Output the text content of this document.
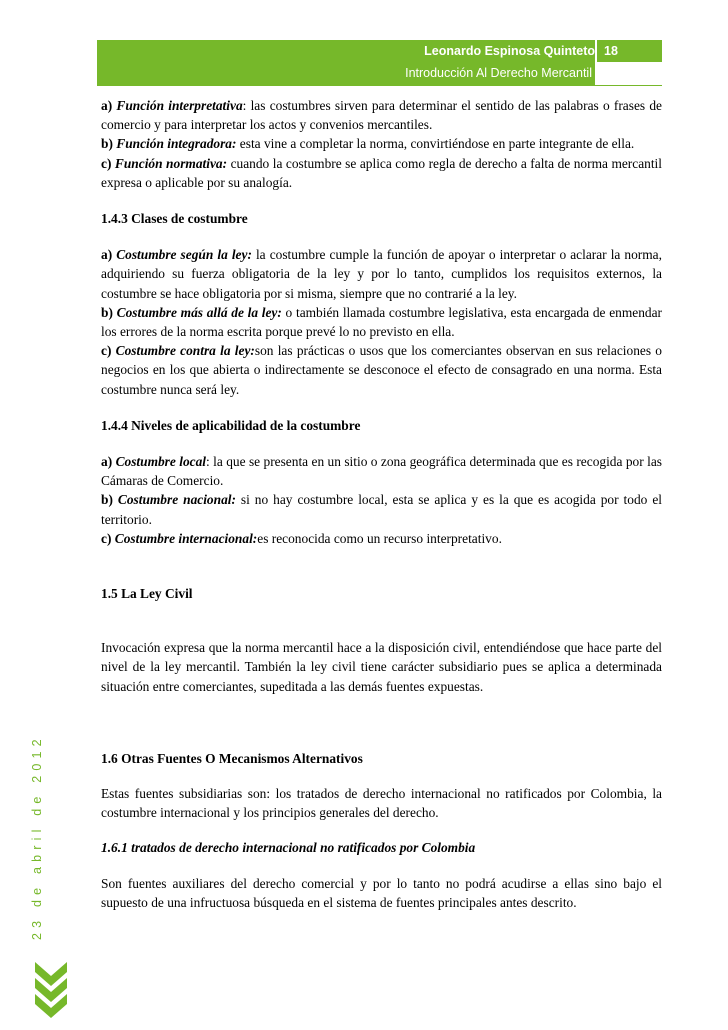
Leonardo Espinosa Quinteto 18
Introducción Al Derecho Mercantil
23 de abril de 2012

a) Función interpretativa: las costumbres sirven para determinar el sentido de las palabras o frases de comercio y para interpretar los actos y convenios mercantiles.

b) Función integradora: esta vine a completar la norma, convirtiéndose en parte integrante de ella.

c) Función normativa: cuando la costumbre se aplica como regla de derecho a falta de norma mercantil expresa o aplicable por su analogía.

1.4.3 Clases de costumbre

a) Costumbre según la ley: la costumbre cumple la función de apoyar o interpretar o aclarar la norma, adquiriendo su fuerza obligatoria de la ley y por lo tanto, cumplidos los requisitos externos, la costumbre se hace obligatoria por si misma, siempre que no contrarié a la ley.

b) Costumbre más allá de la ley: o también llamada costumbre legislativa, esta encargada de enmendar los errores de la norma escrita porque prevé lo no previsto en ella.

c) Costumbre contra la ley:son las prácticas o usos que los comerciantes observan en sus relaciones o negocios en los que abierta o indirectamente se desconoce el efecto de consagrado en una norma. Esta costumbre nunca será ley.

1.4.4 Niveles de aplicabilidad de la costumbre

a) Costumbre local: la que se presenta en un sitio o zona geográfica determinada que es recogida por las Cámaras de Comercio.

b) Costumbre nacional: si no hay costumbre local, esta se aplica y es la que es acogida por todo el territorio.

c) Costumbre internacional:es reconocida como un recurso interpretativo.

1.5 La Ley Civil

Invocación expresa que la norma mercantil hace a la disposición civil, entendiéndose que hace parte del nivel de la ley mercantil. También la ley civil tiene carácter subsidiario pues se aplica a determinada situación entre comerciantes, supeditada a las demás fuentes expuestas.

1.6 Otras Fuentes O Mecanismos Alternativos

Estas fuentes subsidiarias son: los tratados de derecho internacional no ratificados por Colombia, la costumbre internacional y los principios generales del derecho.

1.6.1 tratados de derecho internacional no ratificados por Colombia

Son fuentes auxiliares del derecho comercial y por lo tanto no podrá acudirse a ellas sino bajo el supuesto de una infructuosa búsqueda en el sistema de fuentes principales antes descrito.
